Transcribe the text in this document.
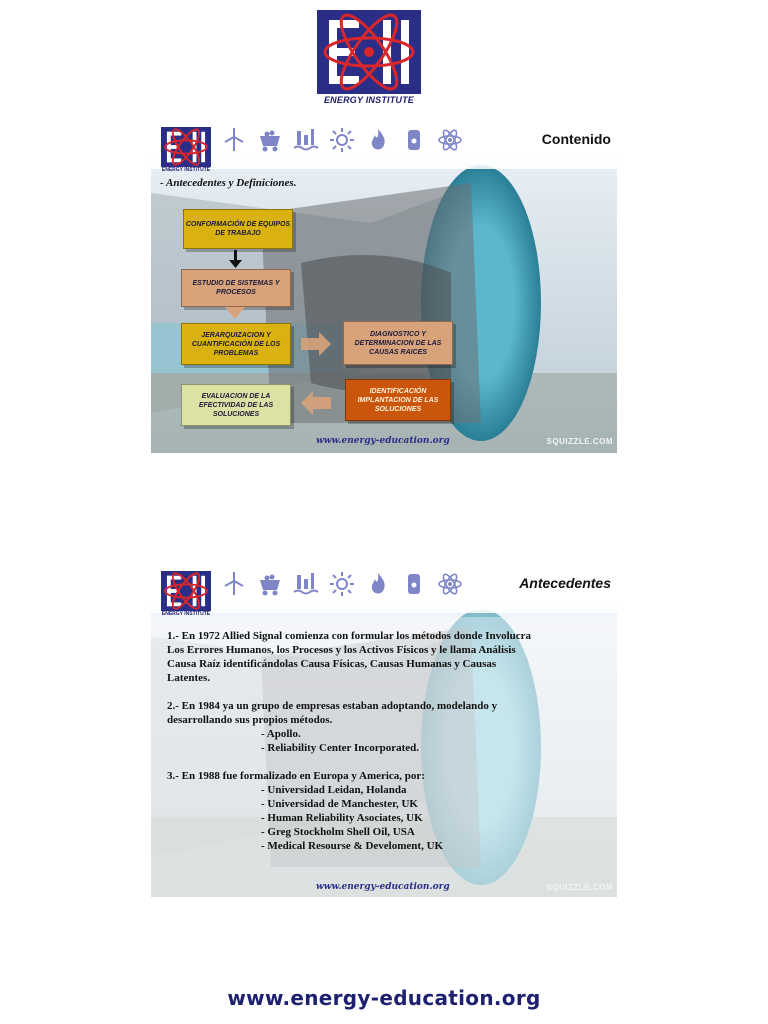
ENERGY INSTITUTE
ENERGY INSTITUTE
Contenido
- Antecedentes y Definiciones.
CONFORMACIÓN DE EQUIPOS DE TRABAJO
ESTUDIO DE SISTEMAS Y PROCESOS
JERARQUIZACION Y CUANTIFICACIÓN DE LOS PROBLEMAS
DIAGNOSTICO Y DETERMINACION DE LAS CAUSAS RAICES
EVALUACION DE LA EFECTIVIDAD DE LAS SOLUCIONES
IDENTIFICACIÓN IMPLANTACION DE LAS SOLUCIONES
www.energy-education.org	SQUIZZLE.COM
ENERGY INSTITUTE
Antecedentes
1.- En 1972 Allied Signal comienza con formular los métodos donde Involucra
Los Errores Humanos, los Procesos y los Activos Físicos y le llama Análisis
Causa Raíz identificándolas Causa Físicas, Causas Humanas y Causas
Latentes.
2.- En 1984 ya un grupo de empresas estaban adoptando, modelando y
desarrollando sus propios métodos.
- Apollo.
- Reliability Center Incorporated.
3.- En 1988 fue formalizado en Europa y America, por:
- Universidad Leidan, Holanda
- Universidad de Manchester, UK
- Human Reliability Asociates, UK
- Greg Stockholm Shell Oil, USA
- Medical Resourse & Develoment, UK
www.energy-education.org	SQUIZZLE.COM
www.energy-education.org
